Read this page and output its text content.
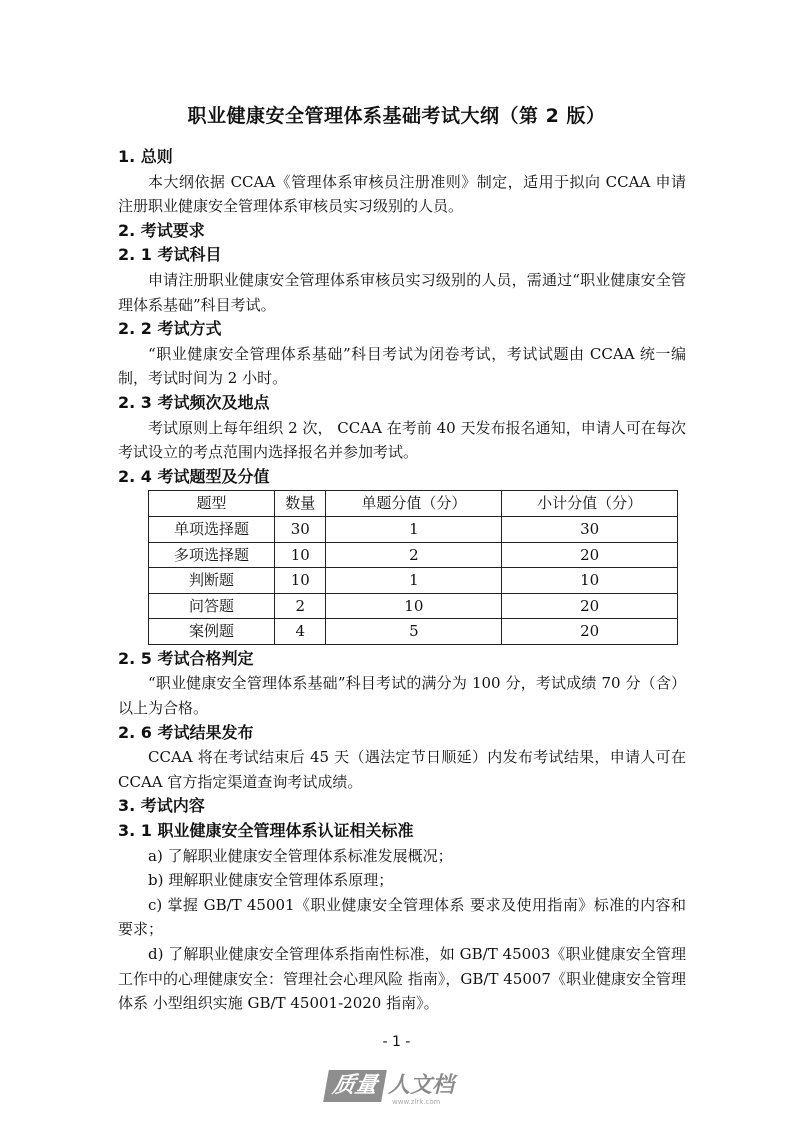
职业健康安全管理体系基础考试大纲（第 2 版）
1. 总则

本大纲依据 CCAA《管理体系审核员注册准则》制定，适用于拟向 CCAA 申请注册职业健康安全管理体系审核员实习级别的人员。

2. 考试要求
2. 1 考试科目

申请注册职业健康安全管理体系审核员实习级别的人员，需通过“职业健康安全管理体系基础”科目考试。

2. 2 考试方式

“职业健康安全管理体系基础”科目考试为闭卷考试，考试试题由 CCAA 统一编制，考试时间为 2 小时。

2. 3 考试频次及地点

考试原则上每年组织 2 次， CCAA 在考前 40 天发布报名通知，申请人可在每次考试设立的考点范围内选择报名并参加考试。

2. 4 考试题型及分值
题型	数量	单题分值（分）	小计分值（分）
单项选择题	30	1	30
多项选择题	10	2	20
判断题	10	1	10
问答题	2	10	20
案例题	4	5	20
2. 5 考试合格判定

“职业健康安全管理体系基础”科目考试的满分为 100 分，考试成绩 70 分（含）以上为合格。

2. 6 考试结果发布

CCAA 将在考试结束后 45 天（遇法定节日顺延）内发布考试结果，申请人可在 CCAA 官方指定渠道查询考试成绩。

3. 考试内容
3. 1 职业健康安全管理体系认证相关标准

a) 了解职业健康安全管理体系标准发展概况；

b) 理解职业健康安全管理体系原理；

c) 掌握 GB/T 45001《职业健康安全管理体系 要求及使用指南》标准的内容和要求；

d) 了解职业健康安全管理体系指南性标准，如 GB/T 45003《职业健康安全管理 工作中的心理健康安全：管理社会心理风险 指南》，GB/T 45007《职业健康安全管理体系 小型组织实施 GB/T 45001-2020 指南》。

- 1 -
质量 人文档
www.zlrk.com
